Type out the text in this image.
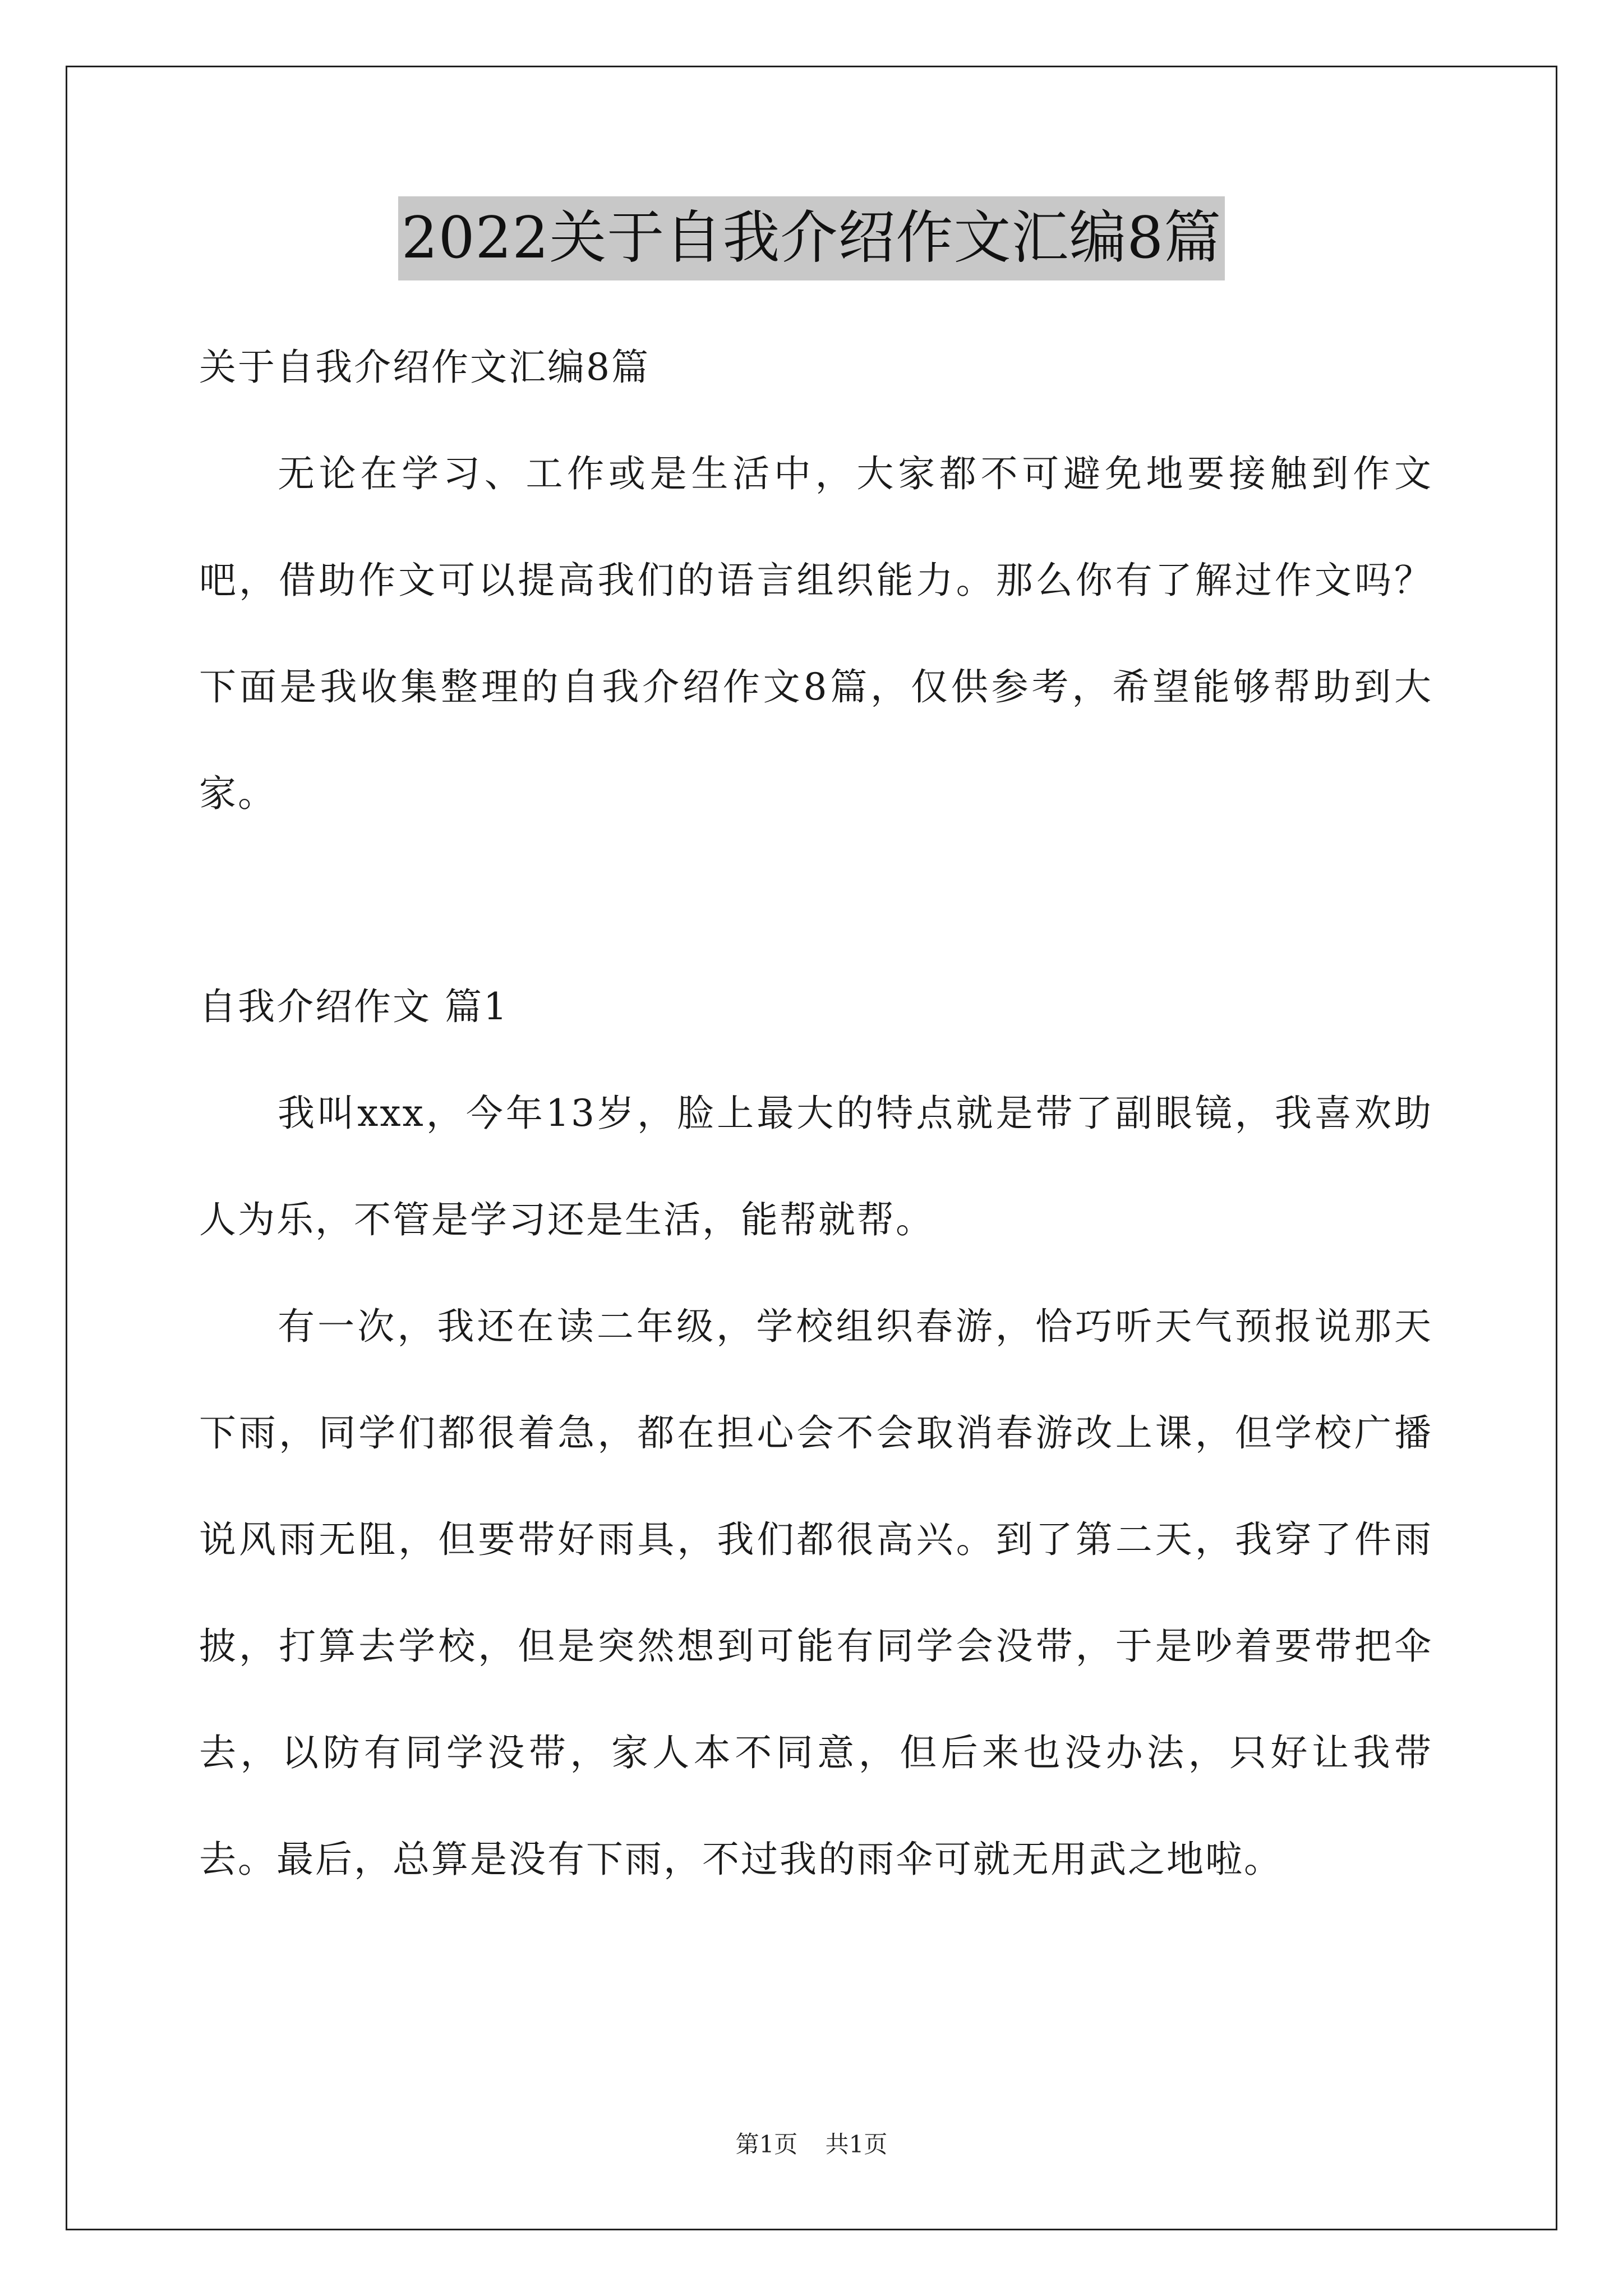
2022关于自我介绍作文汇编8篇

关于自我介绍作文汇编8篇

无论在学习、工作或是生活中，大家都不可避免地要接触到作文吧，借助作文可以提高我们的语言组织能力。那么你有了解过作文吗？下面是我收集整理的自我介绍作文8篇，仅供参考，希望能够帮助到大家。

自我介绍作文 篇1

我叫xxx，今年13岁，脸上最大的特点就是带了副眼镜，我喜欢助人为乐，不管是学习还是生活，能帮就帮。

有一次，我还在读二年级，学校组织春游，恰巧听天气预报说那天下雨，同学们都很着急，都在担心会不会取消春游改上课，但学校广播说风雨无阻，但要带好雨具，我们都很高兴。到了第二天，我穿了件雨披，打算去学校，但是突然想到可能有同学会没带，于是吵着要带把伞去，以防有同学没带，家人本不同意，但后来也没办法，只好让我带去。最后，总算是没有下雨，不过我的雨伞可就无用武之地啦。

第1页 共1页
